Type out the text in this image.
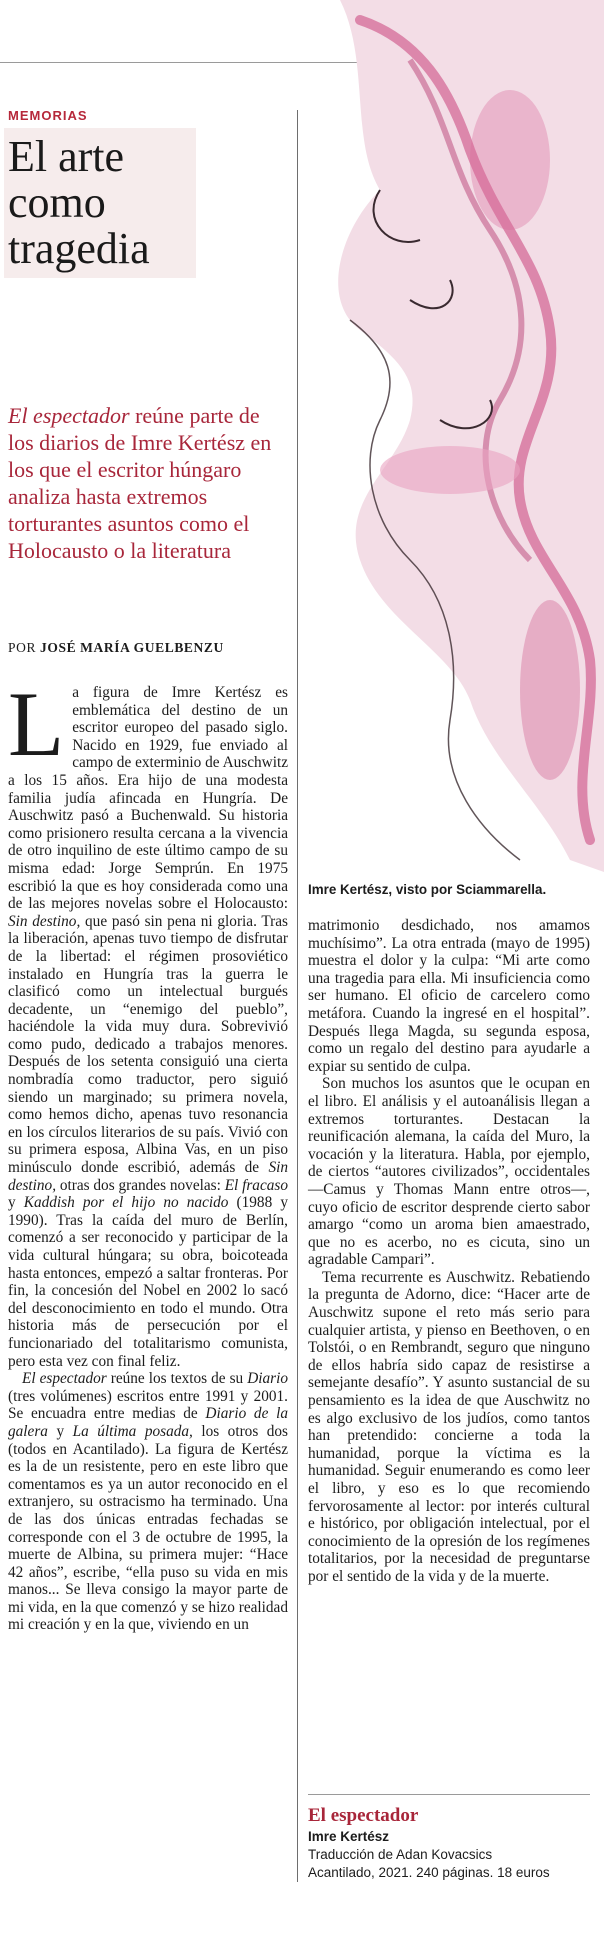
MEMORIAS
El arte
como
tragedia
El espectador reúne parte de los diarios de Imre Kertész en los que el escritor húngaro analiza hasta extremos torturantes asuntos como el Holocausto o la literatura
POR JOSÉ MARÍA GUELBENZU

La figura de Imre Kertész es emblemática del destino de un escritor europeo del pasado siglo. Nacido en 1929, fue enviado al campo de exterminio de Auschwitz a los 15 años. Era hijo de una modesta familia judía afincada en Hungría. De Auschwitz pasó a Buchenwald. Su historia como prisionero resulta cercana a la vivencia de otro inquilino de este último campo de su misma edad: Jorge Semprún. En 1975 escribió la que es hoy considerada como una de las mejores novelas sobre el Holocausto: Sin destino, que pasó sin pena ni gloria. Tras la liberación, apenas tuvo tiempo de disfrutar de la libertad: el régimen prosoviético instalado en Hungría tras la guerra le clasificó como un intelectual burgués decadente, un “enemigo del pueblo”, haciéndole la vida muy dura. Sobrevivió como pudo, dedicado a trabajos menores. Después de los setenta consiguió una cierta nombradía como traductor, pero siguió siendo un marginado; su primera novela, como hemos dicho, apenas tuvo resonancia en los círculos literarios de su país. Vivió con su primera esposa, Albina Vas, en un piso minúsculo donde escribió, además de Sin destino, otras dos grandes novelas: El fracaso y Kaddish por el hijo no nacido (1988 y 1990). Tras la caída del muro de Berlín, comenzó a ser reconocido y participar de la vida cultural húngara; su obra, boicoteada hasta entonces, empezó a saltar fronteras. Por fin, la concesión del Nobel en 2002 lo sacó del desconocimiento en todo el mundo. Otra historia más de persecución por el funcionariado del totalitarismo comunista, pero esta vez con final feliz.

El espectador reúne los textos de su Diario (tres volúmenes) escritos entre 1991 y 2001. Se encuadra entre medias de Diario de la galera y La última posada, los otros dos (todos en Acantilado). La figura de Kertész es la de un resistente, pero en este libro que comentamos es ya un autor reconocido en el extranjero, su ostracismo ha terminado. Una de las dos únicas entradas fechadas se corresponde con el 3 de octubre de 1995, la muerte de Albina, su primera mujer: “Hace 42 años”, escribe, “ella puso su vida en mis manos... Se lleva consigo la mayor parte de mi vida, en la que comenzó y se hizo realidad mi creación y en la que, viviendo en un

Imre Kertész, visto por Sciammarella.

matrimonio desdichado, nos amamos muchísimo”. La otra entrada (mayo de 1995) muestra el dolor y la culpa: “Mi arte como una tragedia para ella. Mi insuficiencia como ser humano. El oficio de carcelero como metáfora. Cuando la ingresé en el hospital”. Después llega Magda, su segunda esposa, como un regalo del destino para ayudarle a expiar su sentido de culpa.

Son muchos los asuntos que le ocupan en el libro. El análisis y el autoanálisis llegan a extremos torturantes. Destacan la reunificación alemana, la caída del Muro, la vocación y la literatura. Habla, por ejemplo, de ciertos “autores civilizados”, occidentales —Camus y Thomas Mann entre otros—, cuyo oficio de escritor desprende cierto sabor amargo “como un aroma bien amaestrado, que no es acerbo, no es cicuta, sino un agradable Campari”.

Tema recurrente es Auschwitz. Rebatiendo la pregunta de Adorno, dice: “Hacer arte de Auschwitz supone el reto más serio para cualquier artista, y pienso en Beethoven, o en Tolstói, o en Rembrandt, seguro que ninguno de ellos habría sido capaz de resistirse a semejante desafío”. Y asunto sustancial de su pensamiento es la idea de que Auschwitz no es algo exclusivo de los judíos, como tantos han pretendido: concierne a toda la humanidad, porque la víctima es la humanidad. Seguir enumerando es como leer el libro, y eso es lo que recomiendo fervorosamente al lector: por interés cultural e histórico, por obligación intelectual, por el conocimiento de la opresión de los regímenes totalitarios, por la necesidad de preguntarse por el sentido de la vida y de la muerte.

El espectador
Imre Kertész
Traducción de Adan Kovacsics
Acantilado, 2021. 240 páginas. 18 euros
